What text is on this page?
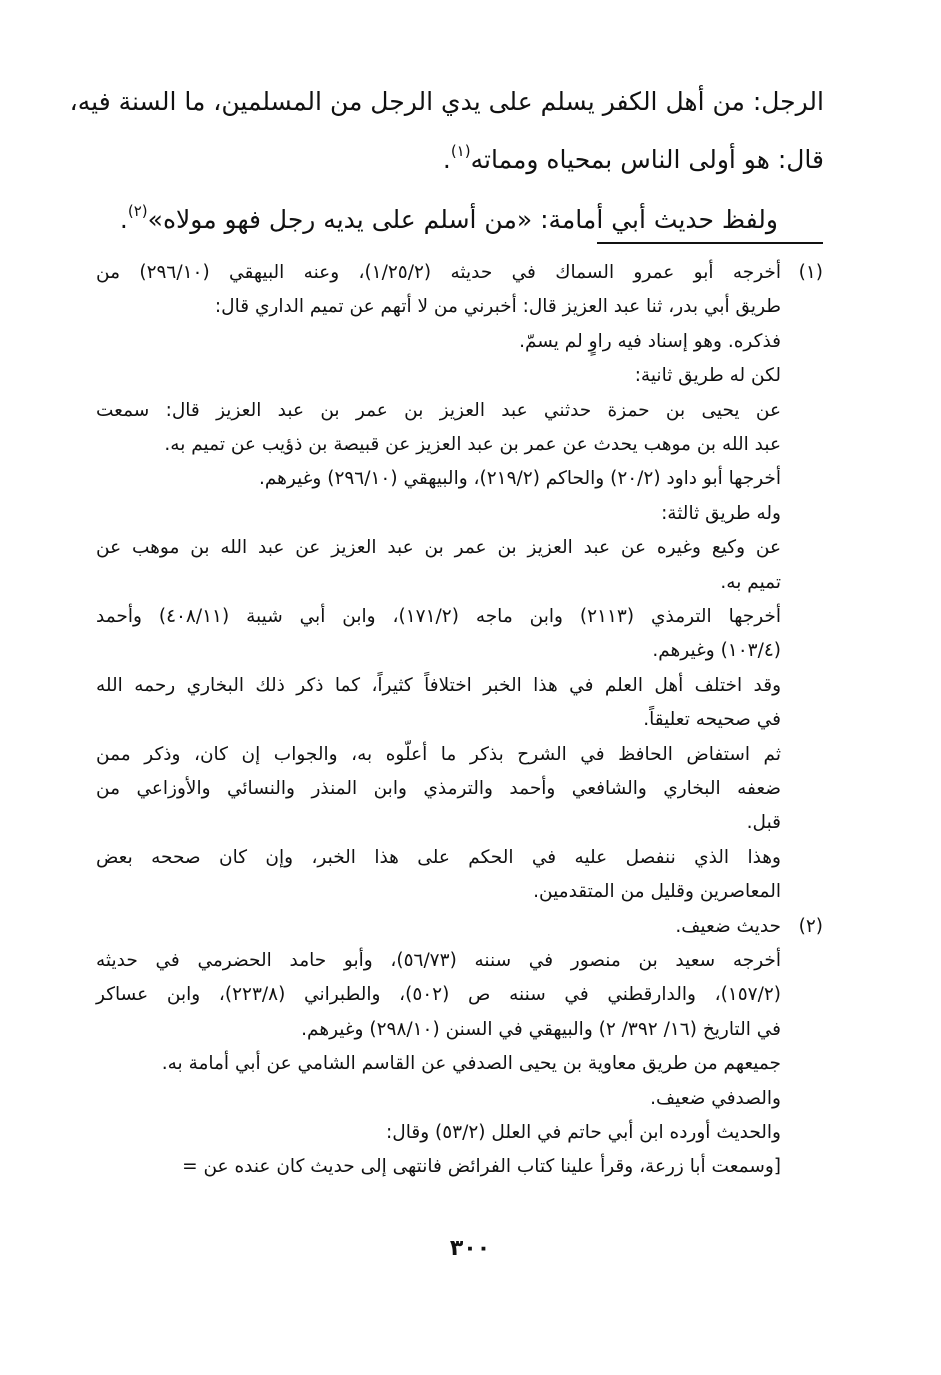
الرجل: من أهل الكفر يسلم على يدي الرجل من المسلمين، ما السنة فيه،
قال: هو أولى الناس بمحياه ومماته$^{(١)}$.
ولفظ حديث أبي أمامة: «من أسلم على يديه رجل فهو مولاه»$^{(٢)}$.
(١)
أخرجه أبو عمرو السماك في حديثه (١/٢٥/٢)، وعنه البيهقي (٢٩٦/١٠) من
طريق أبي بدر، ثنا عبد العزيز قال: أخبرني من لا أتهم عن تميم الداري قال:
فذكره. وهو إسناد فيه راوٍ لم يسمّ.
لكن له طريق ثانية:
عن يحيى بن حمزة حدثني عبد العزيز بن عمر بن عبد العزيز قال: سمعت
عبد الله بن موهب يحدث عن عمر بن عبد العزيز عن قبيصة بن ذؤيب عن تميم به.
أخرجها أبو داود (٢٠/٢) والحاكم (٢١٩/٢)، والبيهقي (٢٩٦/١٠) وغيرهم.
وله طريق ثالثة:
عن وكيع وغيره عن عبد العزيز بن عمر بن عبد العزيز عن عبد الله بن موهب عن
تميم به.
أخرجها الترمذي (٢١١٣) وابن ماجه (١٧١/٢)، وابن أبي شيبة (٤٠٨/١١) وأحمد
(١٠٣/٤) وغيرهم.
وقد اختلف أهل العلم في هذا الخبر اختلافاً كثيراً، كما ذكر ذلك البخاري رحمه الله
في صحيحه تعليقاً.
ثم استفاض الحافظ في الشرح بذكر ما أعلّوه به، والجواب إن كان، وذكر ممن
ضعفه البخاري والشافعي وأحمد والترمذي وابن المنذر والنسائي والأوزاعي من
قبل.
وهذا الذي ننفصل عليه في الحكم على هذا الخبر، وإن كان صححه بعض
المعاصرين وقليل من المتقدمين.
(٢)
حديث ضعيف.
أخرجه سعيد بن منصور في سننه (٥٦/٧٣)، وأبو حامد الحضرمي في حديثه
(١٥٧/٢)، والدارقطني في سننه ص (٥٠٢)، والطبراني (٢٢٣/٨)، وابن عساكر
في التاريخ (١٦/ ٣٩٢/ ٢) والبيهقي في السنن (٢٩٨/١٠) وغيرهم.
جميعهم من طريق معاوية بن يحيى الصدفي عن القاسم الشامي عن أبي أمامة به.
والصدفي ضعيف.
والحديث أورده ابن أبي حاتم في العلل (٥٣/٢) وقال:
[وسمعت أبا زرعة، وقرأ علينا كتاب الفرائض فانتهى إلى حديث كان عنده عن =
٣٠٠
